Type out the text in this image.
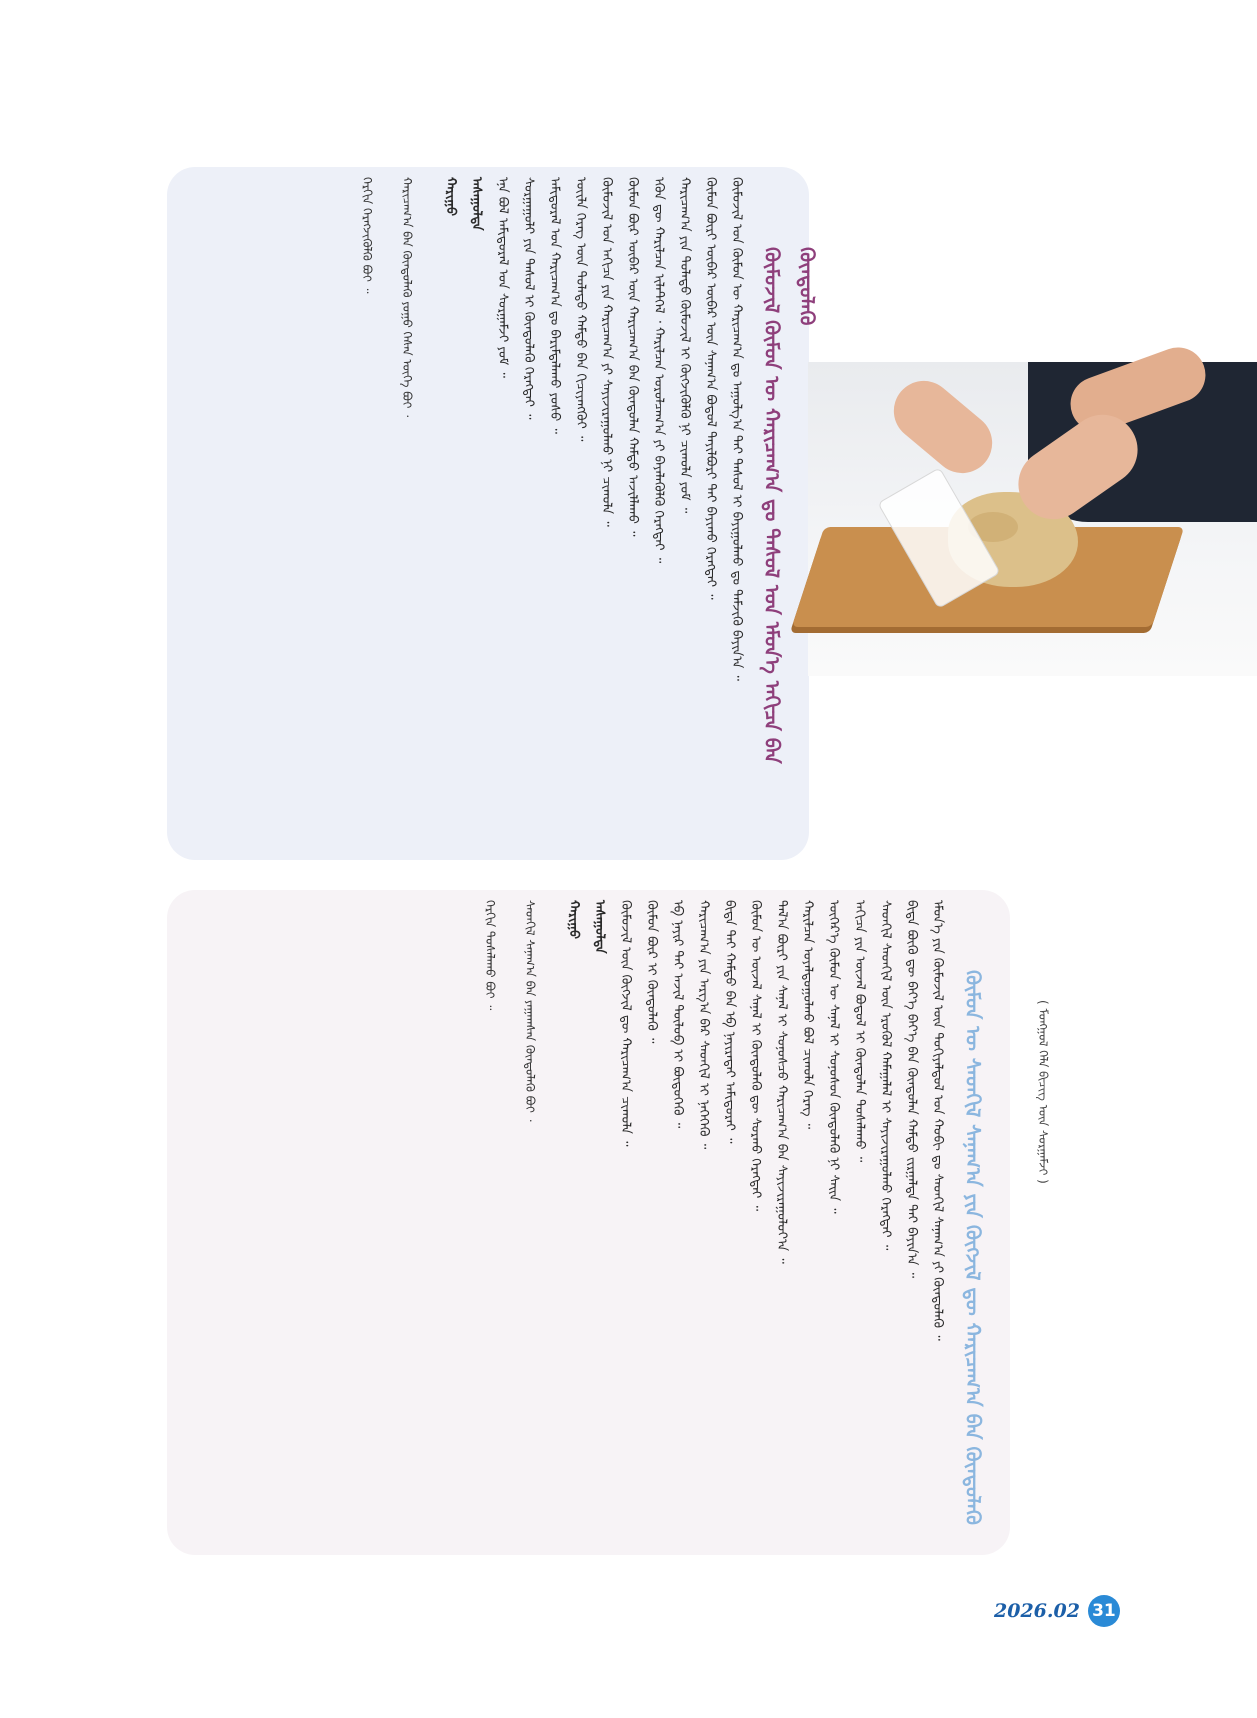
ᠬᠦᠮᠦᠵᠢᠯ ᠬᠦᠮᠦᠨ ᠦ ᠬᠠᠷᠢᠴᠠᠭ᠎ᠠ ᠳᠤ ᠳᠠᠰᠤᠯ ᠤᠨ ᠡᠮᠦᠨ᠎ᠡ ᠠᠬᠢᠴᠠ ᠪᠠᠨ ᠬᠦᠨᠳᠦᠯᠡᠬᠦ
ᠬᠦᠮᠦᠵᠢᠯ ᠤᠨ ᠬᠦᠮᠦᠨ ᠦ ᠬᠠᠷᠢᠴᠠᠭ᠎ᠠ ᠳᠤ ᠠᠭᠤᠯᠭ᠎ᠠ ᠲᠠᠢ ᠳᠠᠰᠤᠯ ᠢ ᠪᠠᠶᠢᠭᠤᠯᠬᠤ ᠳᠤ ᠳᠡᠮᠵᠢᠬᠦ ᠪᠠᠶᠢᠨ᠎ᠠ ᠃
ᠬᠦᠮᠦᠨ ᠪᠦᠷᠢ ᠦᠪᠡᠷ ᠦᠪᠡᠷ ᠦᠨ ᠰᠠᠨᠠᠭ᠎ᠠ ᠪᠣᠳᠤᠯ ᠲᠠᠶᠢᠯᠪᠤᠷᠢ ᠲᠠᠢ ᠪᠠᠶᠢᠬᠤ ᠬᠡᠷᠡᠭᠲᠡᠶ ᠃
ᠬᠠᠷᠢᠴᠠᠭ᠎ᠠ ᠶᠢᠨ ᠲᠤᠯᠠᠳᠤ ᠬᠦᠮᠦᠵᠢᠯ ᠢ ᠬᠥᠭᠵᠢᠭᠦᠯᠬᠦ ᠨᠢ ᠴᠢᠬᠤᠯᠠ ᠶᠤᠮ ᠃
ᠡᠭᠦᠨ ᠳᠦ ᠬᠠᠷᠢᠯᠴᠠᠨ ᠢᠯᠡᠲᠬᠡᠯ ᠂ ᠬᠠᠷᠢᠯᠴᠠᠨ ᠤᠷᠤᠯᠴᠠᠭ᠎ᠠ ᠶᠢ ᠪᠡᠶᠡᠯᠡᠭᠦᠯᠬᠦ ᠬᠡᠷᠡᠭᠲᠡᠶ ᠃
ᠬᠦᠮᠦᠨ ᠪᠦᠷ ᠦᠪᠡᠷ ᠦᠨ ᠬᠠᠷᠢᠴᠠᠭ᠎ᠠ ᠪᠠᠨ ᠬᠦᠨᠳᠦᠯᠡᠨ ᠬᠠᠮᠲᠤ ᠠᠵᠢᠯᠯᠠᠬᠤ ᠃
ᠬᠦᠮᠦᠵᠢᠯ ᠤᠨ ᠠᠬᠢᠴᠠ ᠶᠢᠨ ᠬᠠᠷᠢᠴᠠᠭ᠎ᠠ ᠶᠢ ᠰᠠᠶᠢᠵᠢᠷᠠᠭᠤᠯᠬᠤ ᠨᠢ ᠴᠢᠬᠤᠯᠠ ᠃
ᠦᠢᠯᠡ ᠬᠡᠷᠡᠭ ᠦᠨ ᠲᠤᠯᠠᠳᠤ ᠬᠠᠮᠲᠤ ᠪᠠᠨ ᠬᠢᠴᠢᠶᠡᠩᠭᠦᠶ ᠃
ᠠᠮᠢᠳᠤᠷᠠᠯ ᠤᠨ ᠬᠠᠷᠢᠴᠠᠭ᠎ᠠ ᠳᠤ ᠪᠠᠷᠢᠮᠳᠠᠯᠠᠬᠤ ᠶᠣᠰᠤ ᠃
ᠰᠤᠷᠭᠠᠭᠤᠯᠢ ᠶᠢᠨ ᠳᠠᠰᠤᠯ ᠢ ᠬᠦᠨᠳᠦᠯᠡᠬᠦ ᠬᠡᠷᠡᠭᠲᠡᠶ ᠃
ᠡᠨᠡ ᠪᠣᠯ ᠠᠮᠢᠳᠤᠷᠠᠯ ᠤᠨ ᠰᠤᠷᠭᠠᠮᠵᠢ ᠶᠤᠮ ᠃
ᠠᠰᠠᠭᠤᠯᠲᠠ
ᠬᠠᠷᠢᠭᠤ
ᠬᠠᠷᠢᠴᠠᠭ᠎ᠠ ᠪᠠᠨ ᠬᠦᠨᠳᠦᠯᠡᠬᠦ ᠶᠤᠭᠤ ᠭᠡᠰᠡᠨ ᠦᠭᠡ ᠪᠤᠢ ᠂
ᠬᠡᠷᠬᠢᠨ ᠬᠡᠷᠡᠭᠵᠢᠭᠦᠯᠬᠦ ᠪᠤᠢ ᠃
ᠬᠦᠮᠦᠨ ᠦ ᠰᠡᠳᠬᠢᠯ ᠰᠠᠨᠠᠭ᠎ᠠ ᠶᠢᠨ ᠬᠥᠭᠵᠢᠯ ᠳᠦ ᠬᠠᠷᠢᠴᠠᠭ᠎ᠠ ᠪᠠᠨ ᠬᠦᠨᠳᠦᠯᠡᠬᠦ
ᠡᠮᠦᠨ᠎ᠡ ᠶᠢᠨ ᠬᠦᠮᠦᠵᠢᠯ ᠦᠨ ᠲᠣᠬᠢᠶᠠᠯᠳᠤᠯ ᠤᠨ ᠬᠤᠪᠢ ᠳᠤ ᠰᠡᠳᠬᠢᠯ ᠰᠠᠨᠠᠭ᠎ᠠ ᠶᠢ ᠬᠦᠨᠳᠦᠯᠡᠬᠦ ᠃
ᠪᠢᠳᠡ ᠪᠦᠬᠦ ᠳᠦ ᠪᠡᠶ᠎ᠡ ᠪᠡᠶ᠎ᠡ ᠪᠡᠨ ᠬᠦᠨᠳᠦᠯᠡᠨ ᠬᠠᠮᠲᠤ ᠵᠢᠷᠭᠠᠯᠲᠠ ᠲᠠᠢ ᠪᠠᠶᠢᠨ᠎ᠠ ᠃
ᠰᠡᠳᠬᠢᠯ ᠰᠡᠳᠬᠢᠯ ᠦᠨ ᠡᠷᠦᠭᠦᠯ ᠬᠠᠮᠠᠭᠠᠯᠠᠯ ᠢ ᠰᠠᠶᠢᠵᠢᠷᠠᠭᠤᠯᠬᠤ ᠬᠡᠷᠡᠭᠲᠡᠶ ᠃
ᠠᠬᠢᠴᠠ ᠶᠢᠨ ᠦᠵᠡᠯ ᠪᠣᠳᠤᠯ ᠢ ᠬᠦᠨᠳᠦᠯᠡᠨ ᠲᠤᠰᠠᠯᠠᠬᠤ ᠃
ᠥᠭᠡᠷ᠎ᠡ ᠬᠦᠮᠦᠨ ᠦ ᠰᠠᠨᠠᠯ ᠢ ᠰᠣᠨᠣᠰᠣᠨ ᠬᠦᠨᠳᠦᠯᠡᠬᠦ ᠨᠢ ᠰᠠᠢᠨ ᠃
ᠬᠠᠷᠢᠯᠴᠠᠨ ᠤᠶᠠᠯᠳᠤᠭᠤᠯᠬᠤ ᠪᠣᠯ ᠴᠢᠬᠤᠯᠠ ᠬᠡᠷᠡᠭ ᠃
ᠲᠠᠯ᠎ᠠ ᠪᠦᠷᠢ ᠶᠢᠨ ᠰᠠᠨᠠᠯ ᠢ ᠰᠣᠨᠣᠰᠴᠤ ᠬᠠᠷᠢᠴᠠᠭ᠎ᠠ ᠪᠠᠨ ᠰᠠᠶᠢᠵᠢᠷᠠᠭᠤᠯᠤᠶ᠎ᠠ ᠃
ᠬᠦᠮᠦᠨ ᠦ ᠦᠵᠡᠯ ᠰᠠᠨᠠᠯ ᠢ ᠬᠦᠨᠳᠦᠯᠡᠬᠦ ᠳᠦ ᠰᠤᠷᠬᠤ ᠬᠡᠷᠡᠭᠲᠡᠶ ᠃
ᠪᠢᠳᠡ ᠲᠠᠢ ᠬᠠᠮᠲᠤ ᠪᠠᠨ ᠡᠪ ᠨᠠᠶᠢᠷᠠᠲᠠᠢ ᠠᠮᠢᠳᠤᠷᠠᠶ ᠃
ᠬᠠᠷᠢᠴᠠᠭ᠎ᠠ ᠶᠢᠨ ᠠᠷᠭ᠎ᠠ ᠪᠠᠷ ᠰᠡᠳᠬᠢᠯ ᠢ ᠨᠡᠭᠡᠭᠡᠬᠦ ᠃
ᠡᠪ ᠨᠠᠶᠢᠷ ᠲᠠᠢ ᠠᠵᠢᠯ ᠲᠥᠯᠥᠪ ᠢ ᠪᠦᠲᠦᠭᠡᠬᠦ ᠃
ᠬᠦᠮᠦᠨ ᠪᠦᠷ ᠢ ᠬᠦᠨᠳᠦᠯᠡᠬᠦ ᠃
ᠬᠦᠮᠦᠵᠢᠯ ᠦᠨ ᠬᠥᠭᠵᠢᠯ ᠳᠦ ᠬᠠᠷᠢᠴᠠᠭ᠎ᠠ ᠴᠢᠬᠤᠯᠠ ᠃
ᠠᠰᠠᠭᠤᠯᠲᠠ
ᠬᠠᠷᠢᠭᠤ
ᠰᠡᠳᠬᠢᠯ ᠰᠠᠨᠠᠭ᠎ᠠ ᠪᠠᠨ ᠶᠠᠭᠠᠭᠰᠠᠨ ᠬᠦᠨᠳᠦᠯᠡᠬᠦ ᠪᠤᠢ ᠂
ᠬᠡᠷᠬᠢᠨ ᠲᠤᠰᠠᠯᠠᠬᠤ ᠪᠤᠢ ᠃
( ᠮᠣᠩᠭᠣᠯ ᠬᠡᠯᠡ ᠪᠢᠴᠢᠭ ᠦᠨ ᠰᠤᠷᠭᠠᠮᠵᠢ )
2026.02 31
